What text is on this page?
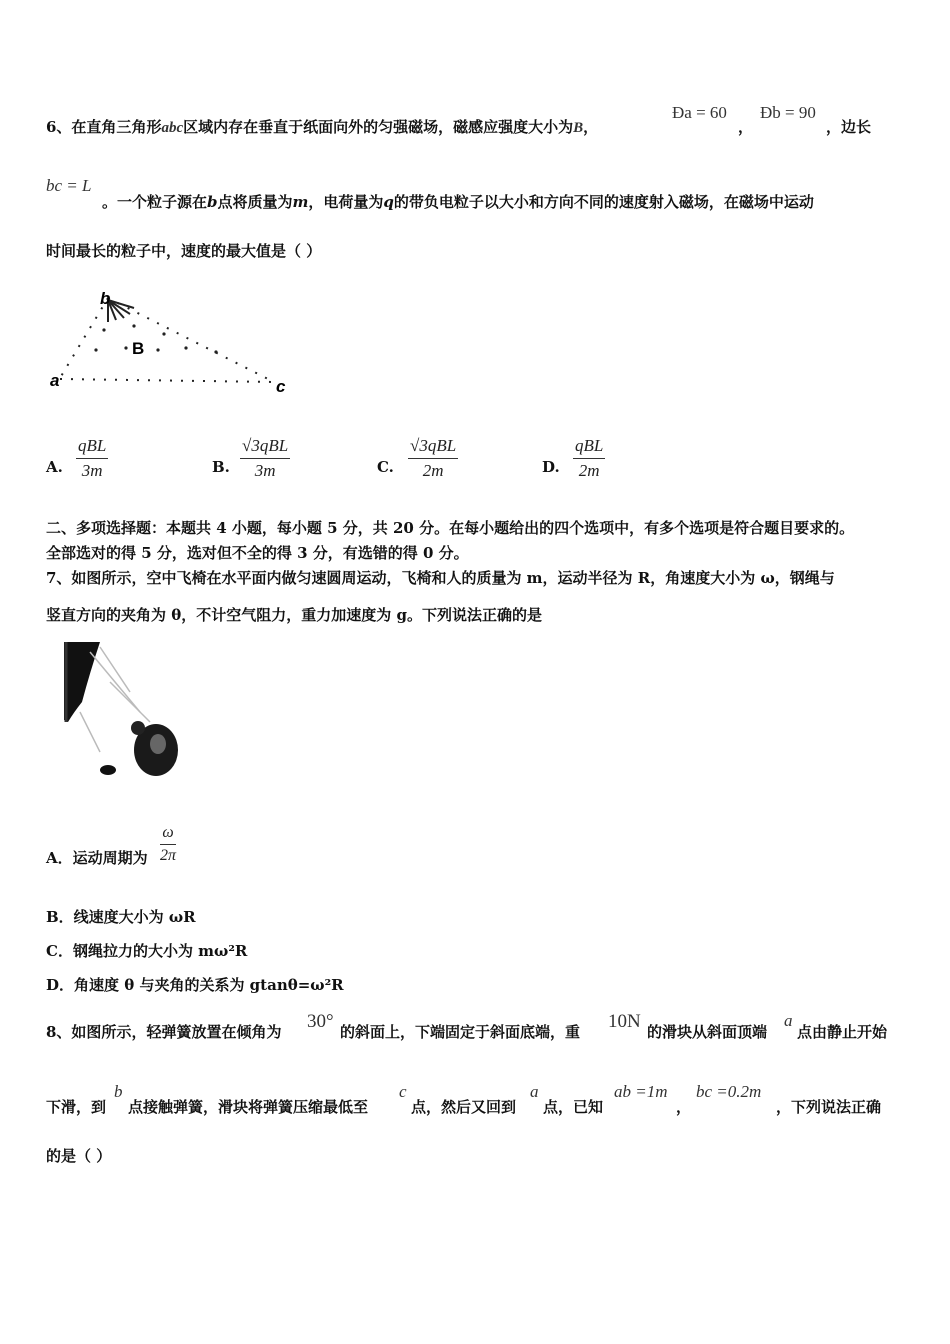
6、在直角三角形abc区域内存在垂直于纸面向外的匀强磁场，磁感应强度大小为B，
Ða = 60
，
Ðb = 90
，边长
bc = L
。一个粒子源在b点将质量为m，电荷量为q的带负电粒子以大小和方向不同的速度射入磁场，在磁场中运动
时间最长的粒子中，速度的最大值是（ ）
b
B
a	c
A.
qBL
3m	B.
√3qBL
3m	C.
√3qBL
2m	D.
qBL
2m
二、多项选择题：本题共 4 小题，每小题 5 分，共 20 分。在每小题给出的四个选项中，有多个选项是符合题目要求的。
全部选对的得 5 分，选对但不全的得 3 分，有选错的得 0 分。
7、如图所示，空中飞椅在水平面内做匀速圆周运动，飞椅和人的质量为 m，运动半径为 R，角速度大小为 ω，钢绳与
竖直方向的夹角为 θ，不计空气阻力，重力加速度为 g。下列说法正确的是
A．运动周期为 $\frac{\omega}{2\pi}$
B．线速度大小为 ωR
C．钢绳拉力的大小为 mω²R
D．角速度 θ 与夹角的关系为 gtanθ=ω²R
8、如图所示，轻弹簧放置在倾角为 30° 的斜面上，下端固定于斜面底端，重 10N 的滑块从斜面顶端
a
点由静止开始
下滑，到
b
点接触弹簧，滑块将弹簧压缩最低至
c
点，然后又回到
a
点，已知
ab =1m
，
bc =0.2m
，下列说法正确
的是（ ）
